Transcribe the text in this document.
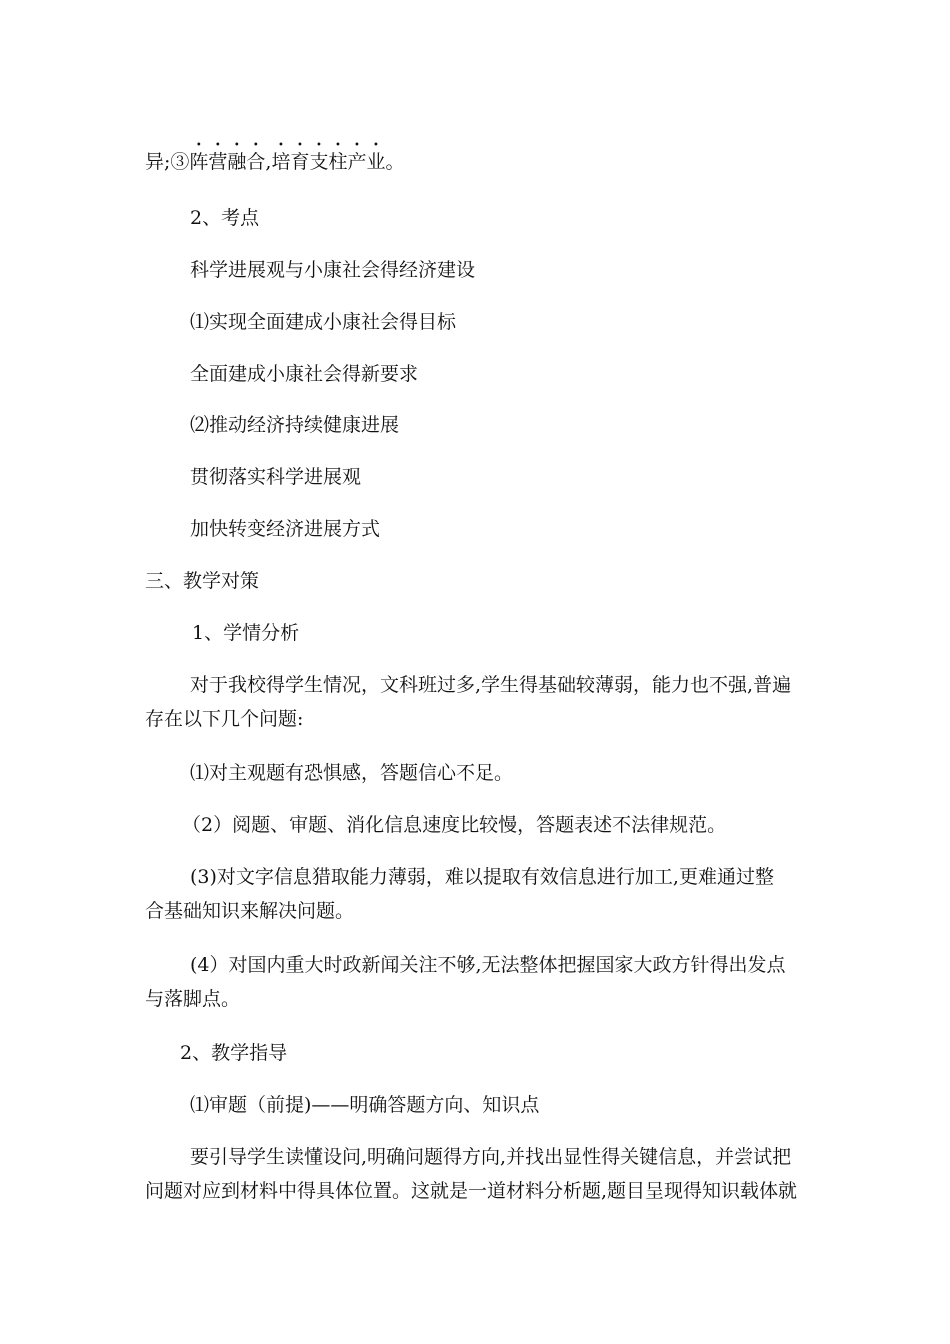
异;③阵营融合,培育支柱产业。
2、考点
科学进展观与小康社会得经济建设
⑴实现全面建成小康社会得目标
全面建成小康社会得新要求
⑵推动经济持续健康进展
贯彻落实科学进展观
加快转变经济进展方式
三、教学对策
1、学情分析
对于我校得学生情况，文科班过多,学生得基础较薄弱，能力也不强,普遍
存在以下几个问题:
⑴对主观题有恐惧感，答题信心不足。
（2）阅题、审题、消化信息速度比较慢，答题表述不法律规范。
(3)对文字信息猎取能力薄弱，难以提取有效信息进行加工,更难通过整
合基础知识来解决问题。
(4）对国内重大时政新闻关注不够,无法整体把握国家大政方针得出发点
与落脚点。
2、教学指导
⑴审题（前提)——明确答题方向、知识点
要引导学生读懂设问,明确问题得方向,并找出显性得关键信息，并尝试把
问题对应到材料中得具体位置。这就是一道材料分析题,题目呈现得知识载体就
